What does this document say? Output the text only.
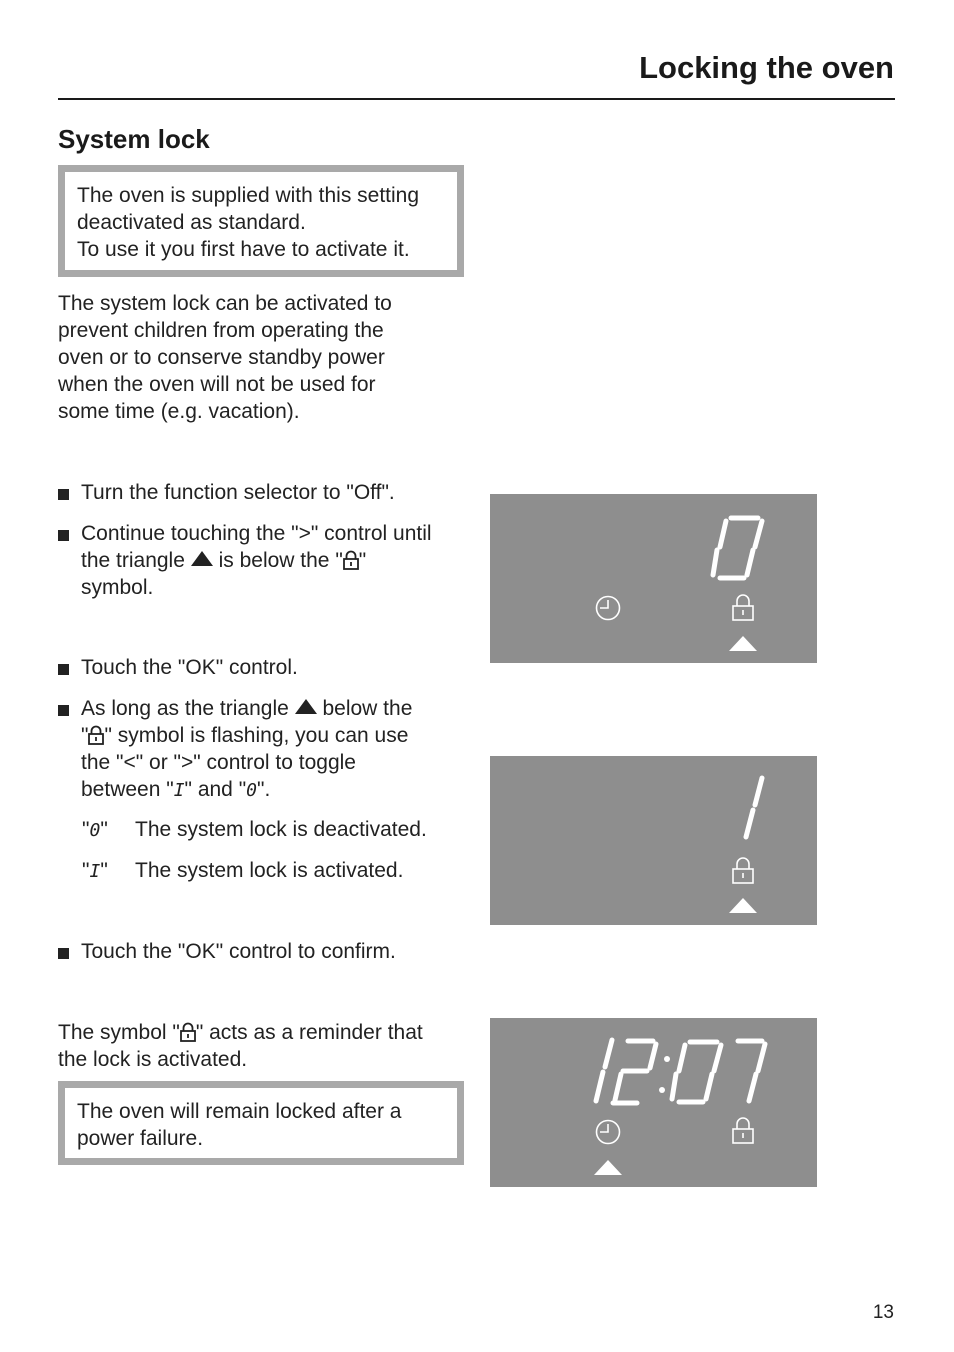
Locking the oven
System lock
The oven is supplied with this setting
deactivated as standard.
To use it you first have to activate it.
The system lock can be activated to
prevent children from operating the
oven or to conserve standby power
when the oven will not be used for
some time (e.g. vacation).
Turn the function selector to "Off".
Continue touching the ">" control until
the triangle  is below the " "
symbol.
Touch the "OK" control.
As long as the triangle  below the
" " symbol is flashing, you can use
the "<" or ">" control to toggle
between "I" and "0".
"0" The system lock is deactivated.
"I" The system lock is activated.
Touch the "OK" control to confirm.
The symbol " " acts as a reminder that
the lock is activated.
The oven will remain locked after a
power failure.
13
